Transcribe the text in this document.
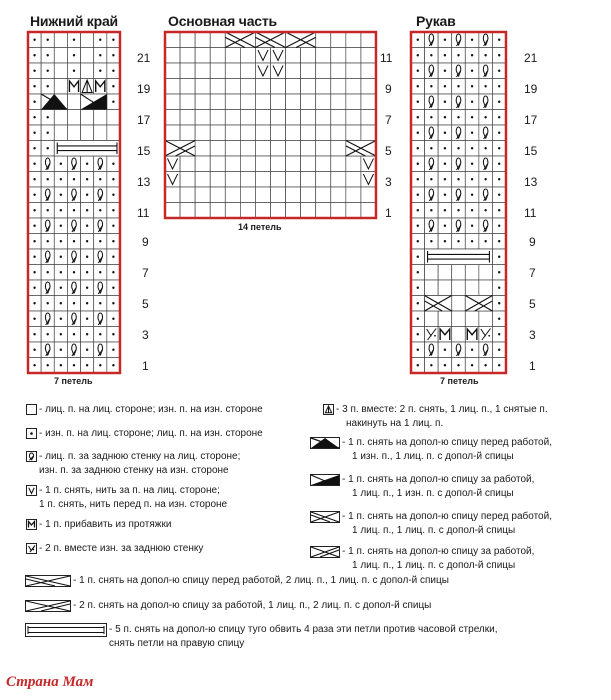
Нижний край	Основная часть	Рукав
21
19
17
15
13
11
9
7
5
3
1
11
9
7
5
3
1
21
19
17
15
13
11
9
7
5
3
1
7 петель
14 петель
7 петель
- лиц. п. на лиц. стороне; изн. п. на изн. стороне
- изн. п. на лиц. стороне; лиц. п. на изн. стороне
- лиц. п. за заднюю стенку на лиц. стороне;
изн. п. за заднюю стенку на изн. стороне
- 1 п. снять, нить за п. на лиц. стороне;
1 п. снять, нить перед п. на изн. стороне
- 1 п. прибавить из протяжки
- 2 п. вместе изн. за заднюю стенку
- 3 п. вместе: 2 п. снять, 1 лиц. п., 1 снятые п.
накинуть на 1 лиц. п.
- 1 п. снять на допол-ю спицу перед работой,
1 изн. п., 1 лиц. п. с допол-й спицы
- 1 п. снять на допол-ю спицу за работой,
1 лиц. п., 1 изн. п. с допол-й спицы
- 1 п. снять на допол-ю спицу перед работой,
1 лиц. п., 1 лиц. п. с допол-й спицы
- 1 п. снять на допол-ю спицу за работой,
1 лиц. п., 1 лиц. п. с допол-й спицы
- 1 п. снять на допол-ю спицу перед работой, 2 лиц. п., 1 лиц. п. с допол-й спицы
- 2 п. снять на допол-ю спицу за работой, 1 лиц. п., 2 лиц. п. с допол-й спицы
- 5 п. снять на допол-ю спицу туго обвить 4 раза эти петли против часовой стрелки,
снять петли на правую спицу
Страна Мам
